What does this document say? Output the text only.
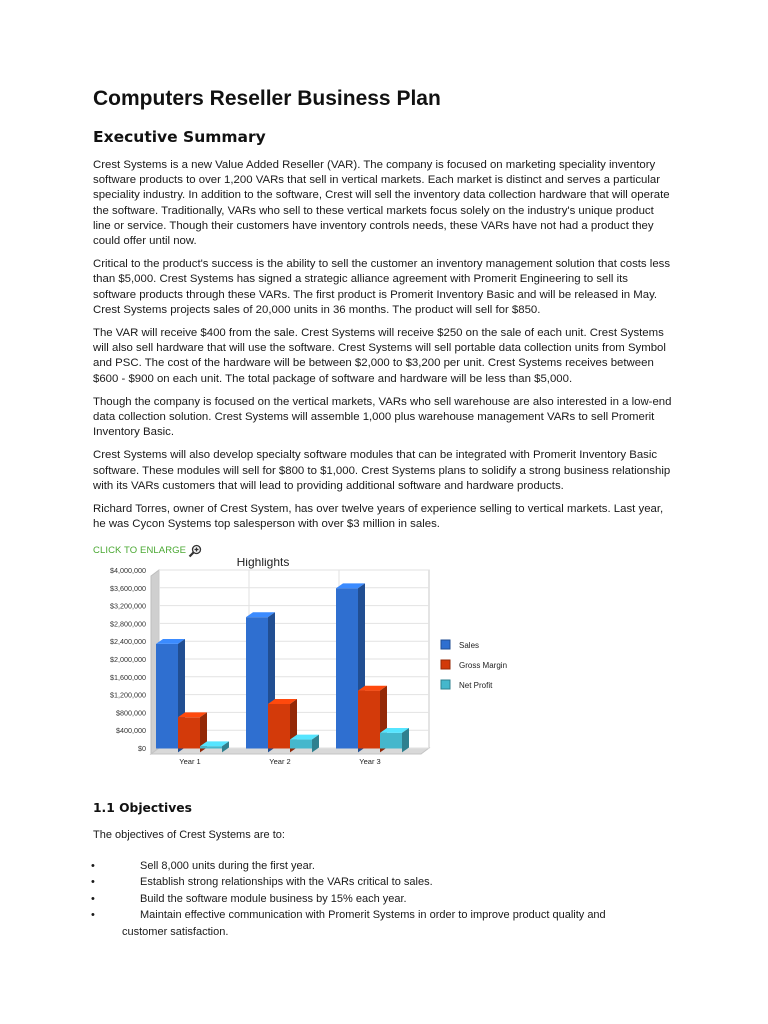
Computers Reseller Business Plan
Executive Summary

Crest Systems is a new Value Added Reseller (VAR). The company is focused on marketing speciality inventory software products to over 1,200 VARs that sell in vertical markets. Each market is distinct and serves a particular speciality industry. In addition to the software, Crest will sell the inventory data collection hardware that will operate the software. Traditionally, VARs who sell to these vertical markets focus solely on the industry's unique product line or service. Though their customers have inventory controls needs, these VARs have not had a product they could offer until now.

Critical to the product's success is the ability to sell the customer an inventory management solution that costs less than $5,000. Crest Systems has signed a strategic alliance agreement with Promerit Engineering to sell its software products through these VARs. The first product is Promerit Inventory Basic and will be released in May. Crest Systems projects sales of 20,000 units in 36 months. The product will sell for $850.

The VAR will receive $400 from the sale. Crest Systems will receive $250 on the sale of each unit. Crest Systems will also sell hardware that will use the software. Crest Systems will sell portable data collection units from Symbol and PSC. The cost of the hardware will be between $2,000 to $3,200 per unit. Crest Systems receives between $600 - $900 on each unit. The total package of software and hardware will be less than $5,000.

Though the company is focused on the vertical markets, VARs who sell warehouse are also interested in a low-end data collection solution. Crest Systems will assemble 1,000 plus warehouse management VARs to sell Promerit Inventory Basic.

Crest Systems will also develop specialty software modules that can be integrated with Promerit Inventory Basic software. These modules will sell for $800 to $1,000. Crest Systems plans to solidify a strong business relationship with its VARs customers that will lead to providing additional software and hardware products.

Richard Torres, owner of Crest System, has over twelve years of experience selling to vertical markets. Last year, he was Cycon Systems top salesperson with over $3 million in sales.

CLICK TO ENLARGE
Highlights
$0
$400,000
$800,000
$1,200,000
$1,600,000
$2,000,000
$2,400,000
$2,800,000
$3,200,000
$3,600,000
$4,000,000
Year 1	Year 2	Year 3
Sales
Gross Margin
Net Profit
1.1 Objectives

The objectives of Crest Systems are to:

•	Sell 8,000 units during the first year.
•	Establish strong relationships with the VARs critical to sales.
•	Build the software module business by 15% each year.
•	Maintain effective communication with Promerit Systems in order to improve product quality and
customer satisfaction.
